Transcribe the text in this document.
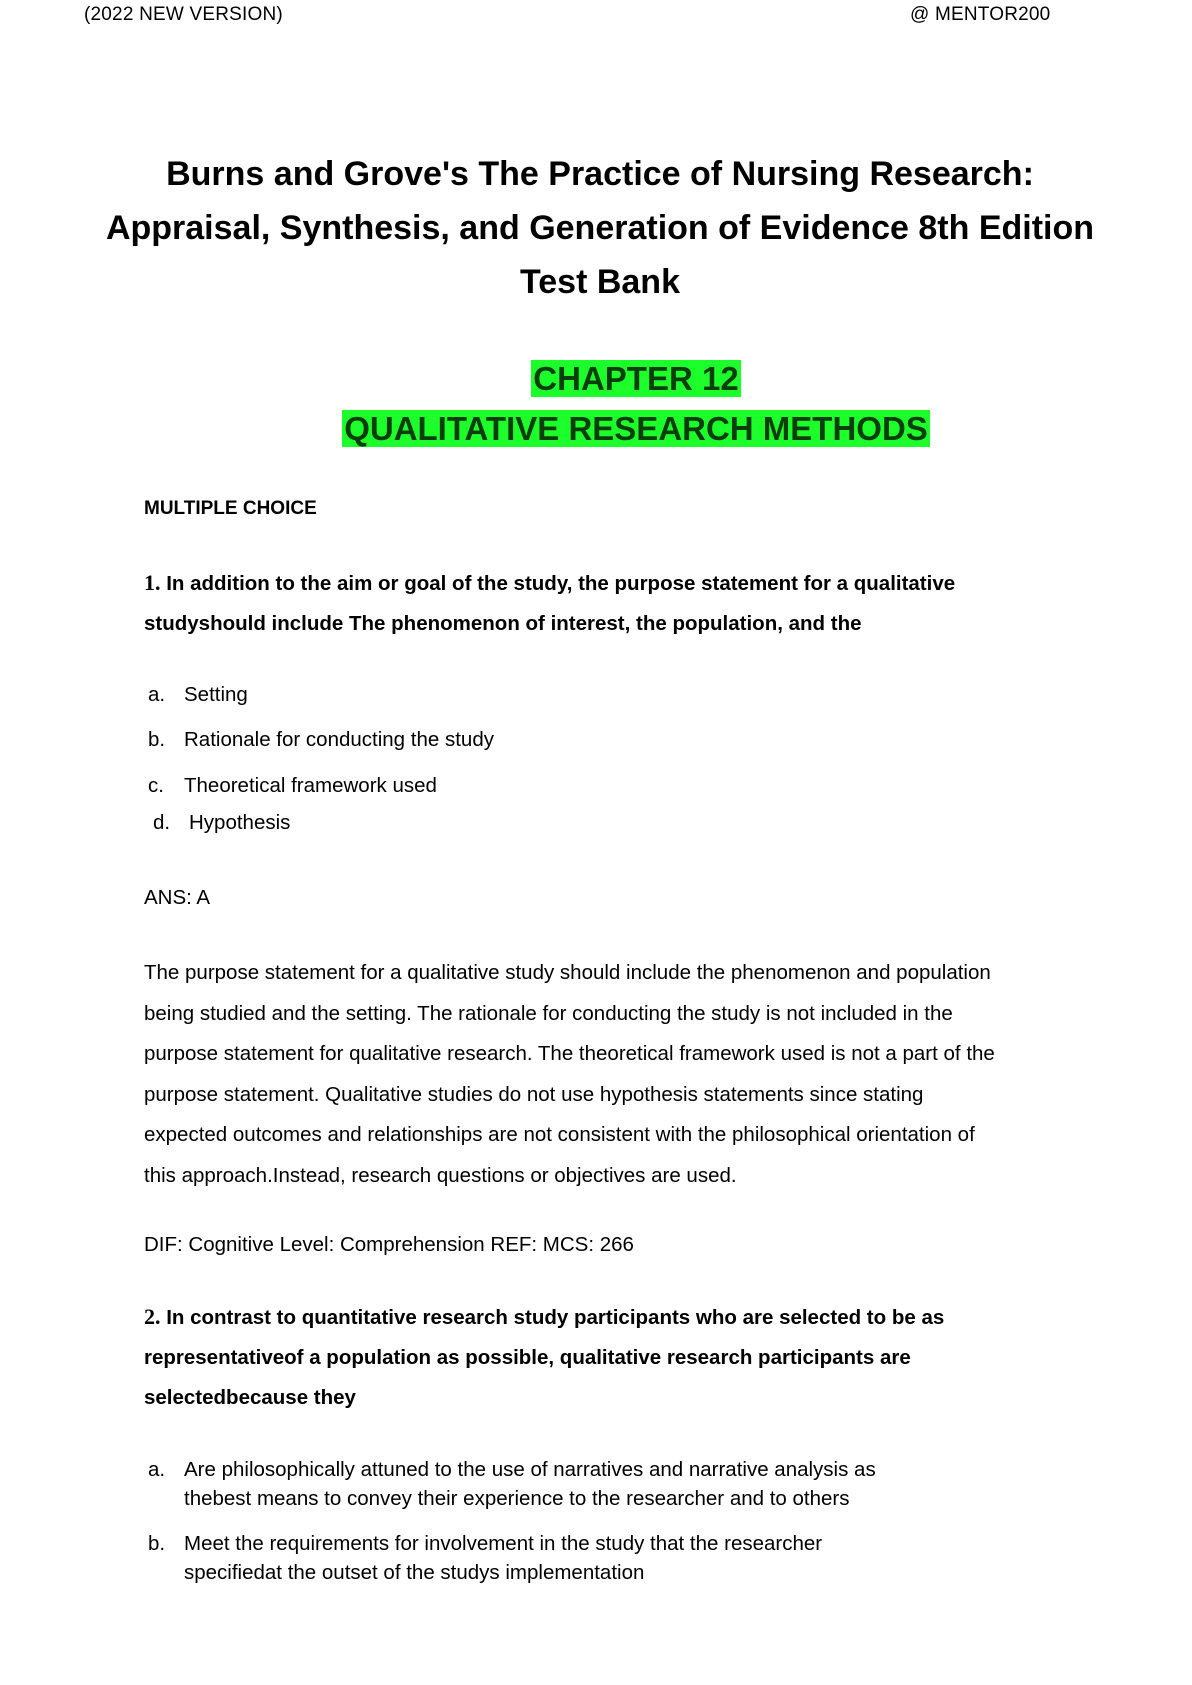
(2022 NEW VERSION)	@ MENTOR200
Burns and Grove's The Practice of Nursing Research:
Appraisal, Synthesis, and Generation of Evidence 8th Edition
Test Bank
CHAPTER 12
QUALITATIVE RESEARCH METHODS
MULTIPLE CHOICE
1. In addition to the aim or goal of the study, the purpose statement for a qualitative
studyshould include The phenomenon of interest, the population, and the
a. Setting
b. Rationale for conducting the study
c. Theoretical framework used
d. Hypothesis
ANS: A
The purpose statement for a qualitative study should include the phenomenon and population
being studied and the setting. The rationale for conducting the study is not included in the
purpose statement for qualitative research. The theoretical framework used is not a part of the
purpose statement. Qualitative studies do not use hypothesis statements since stating
expected outcomes and relationships are not consistent with the philosophical orientation of
this approach.Instead, research questions or objectives are used.
DIF: Cognitive Level: Comprehension REF: MCS: 266
2. In contrast to quantitative research study participants who are selected to be as
representativeof a population as possible, qualitative research participants are
selectedbecause they
a. Are philosophically attuned to the use of narratives and narrative analysis as
thebest means to convey their experience to the researcher and to others
b. Meet the requirements for involvement in the study that the researcher
specifiedat the outset of the studys implementation
